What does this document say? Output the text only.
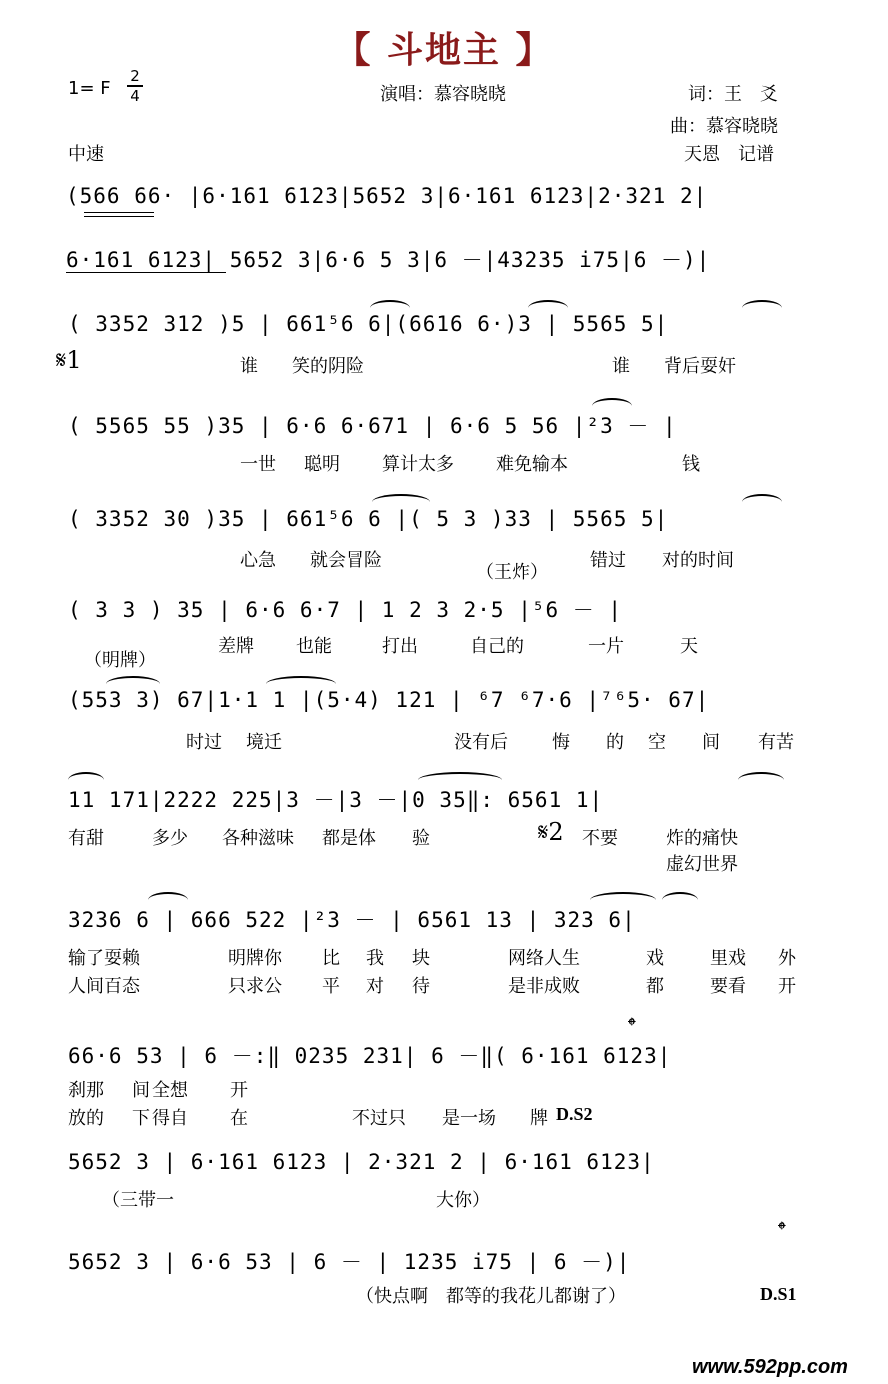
【 斗地主 】
1= F
2
4	演唱：慕容晓晓	词：王　爻
曲：慕容晓晓
天恩　记谱
中速
(566 66· |6·161 6123|5652 3|6·161 6123|2·321 2|
6·161 6123| 5652 3|6·6 5 3|6 －|43235 i75|6 －)|
( 3352 312 )5 | 661⁵6 6|(6616 6·)3 | 5565 5|
𝄋1	谁 笑的阴险	谁 背后耍奸
( 5565 55 )35 | 6·6 6·671 | 6·6 5 56 |²3 － |
一世 聪明 算计太多 难免输本	钱
( 3352 30 )35 | 661⁵6 6 |( 5 3 )33 | 5565 5|
心急 就会冒险
（王炸）
错过 对的时间
( 3 3 ) 35 | 6·6 6·7 | 1 2 3 2·5 |⁵6 － |
（明牌）
差牌 也能	打出	自己的	一片	天
(553 3) 67|1·1 1 |(5·4) 121 | ⁶7 ⁶7·6 |⁷⁶5· 67|
时过 境迁	没有后 悔 的 空 间 有苦
11 171|2222 225|3 －|3 －|0 35‖: 6561 1|
有甜	多少 各种滋味 都是体 验	𝄋2 不要	炸的痛快
虚幻世界
3236 6 | 666 522 |²3 － | 6561 13 | 323 6|
输了耍赖	明牌你 比 我 块	网络人生	戏	里戏 外
人间百态	只求公 平 对 待	是非成败	都	要看 开
𝄌
66·6 53 | 6 －:‖ 0235 231| 6 －‖( 6·161 6123|
刹那 间 全想 开
放的 下 得自 在	不过只 是一场 牌 D.S2
5652 3 | 6·161 6123 | 2·321 2 | 6·161 6123|
（三带一	大你）
𝄌
5652 3 | 6·6 53 | 6 － | 1235 i75 | 6 －)|
（快点啊　都等的我花儿都谢了）	D.S1
www.592pp.com
